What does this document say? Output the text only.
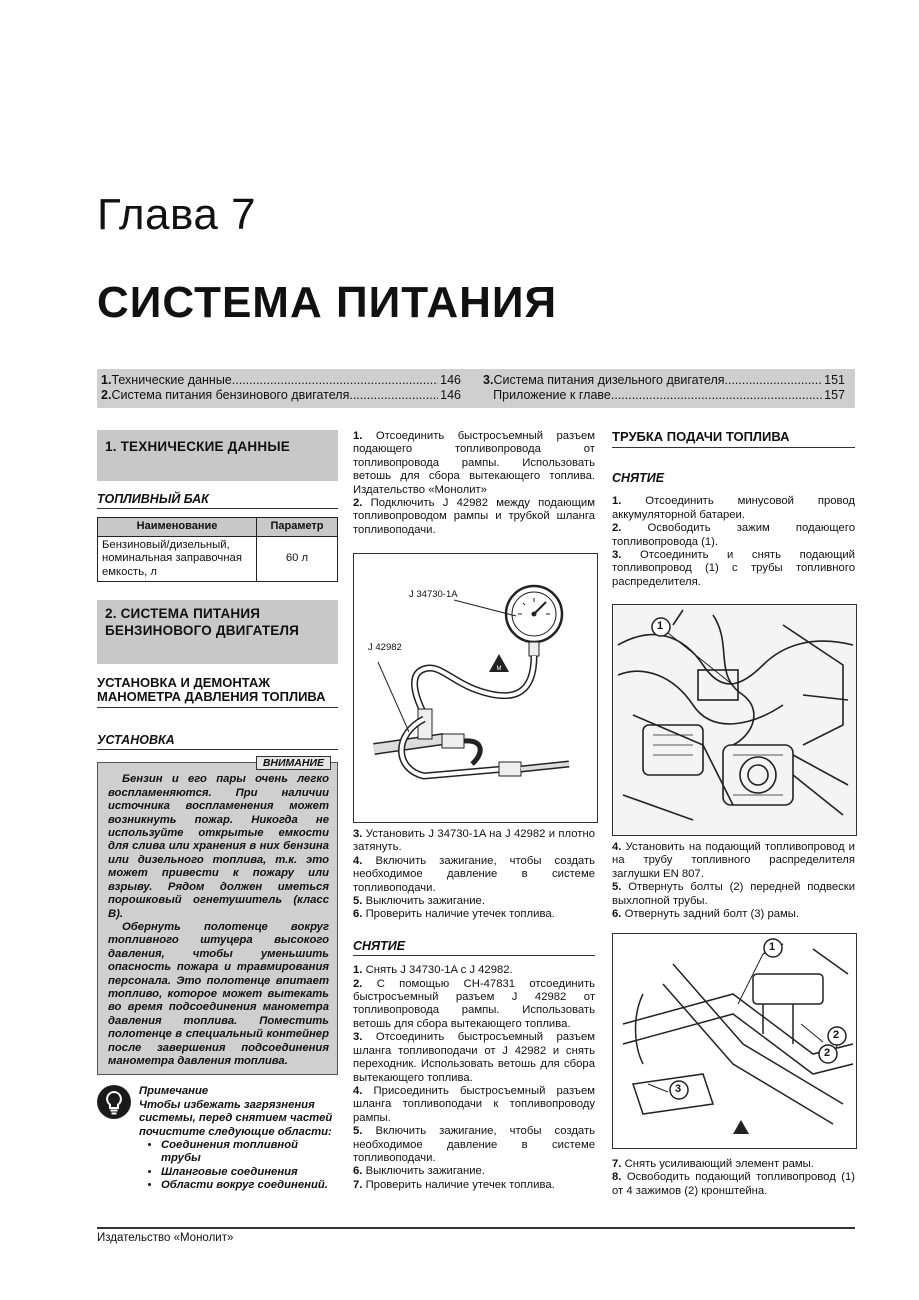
Глава 7
СИСТЕМА ПИТАНИЯ
1. Технические данные .....	146
2. Система питания бензинового двигателя .....	146
3. Система питания дизельного двигателя .....	151
Приложение к главе .....	157
1. ТЕХНИЧЕСКИЕ ДАННЫЕ
ТОПЛИВНЫЙ БАК
Наименование	Параметр
Бензиновый/дизельный, номинальная заправочная емкость, л	60 л
2. СИСТЕМА ПИТАНИЯ БЕНЗИНОВОГО ДВИГАТЕЛЯ
УСТАНОВКА И ДЕМОНТАЖ МАНОМЕТРА ДАВЛЕНИЯ ТОПЛИВА
УСТАНОВКА
ВНИМАНИЕ

Бензин и его пары очень легко воспламеняются. При наличии источника воспламенения может возникнуть пожар. Никогда не используйте открытые емкости для слива или хранения в них бензина или дизельного топлива, т.к. это может привести к пожару или взрыву. Рядом должен иметься порошковый огнетушитель (класс В).

Обернуть полотенце вокруг топливного штуцера высокого давления, чтобы уменьшить опасность пожара и травмирования персонала. Это полотенце впитает топливо, которое может вытекать во время подсоединения манометра давления топлива. Поместить полотенце в специальный контейнер после завершения подсоединения манометра давления топлива.

Примечание
Чтобы избежать загрязнения системы, перед снятием частей почистите следующие области:
• Соединения топливной трубы
• Шланговые соединения
• Области вокруг соединений.

1. Отсоединить быстросъемный разъем подающего топливопровода от топливопровода рампы. Использовать ветошь для сбора вытекающего топлива. Издательство «Монолит»

2. Подключить J 42982 между подающим топливопроводом рампы и трубкой шланга топливоподачи.

M
J 34730-1A
J 42982

3. Установить J 34730-1A на J 42982 и плотно затянуть.

4. Включить зажигание, чтобы создать необходимое давление в системе топливоподачи.

5. Выключить зажигание.

6. Проверить наличие утечек топлива.

СНЯТИЕ

1. Снять J 34730-1A с J 42982.

2. С помощью CH-47831 отсоединить быстросъемный разъем J 42982 от топливопровода рампы. Использовать ветошь для сбора вытекающего топлива.

3. Отсоединить быстросъемный разъем шланга топливоподачи от J 42982 и снять переходник. Использовать ветошь для сбора вытекающего топлива.

4. Присоединить быстросъемный разъем шланга топливоподачи к топливопроводу рампы.

5. Включить зажигание, чтобы создать необходимое давление в системе топливоподачи.

6. Выключить зажигание.

7. Проверить наличие утечек топлива.

ТРУБКА ПОДАЧИ ТОПЛИВА
СНЯТИЕ

1. Отсоединить минусовой провод аккумуляторной батареи.

2. Освободить зажим подающего топливопровода (1).

3. Отсоединить и снять подающий топливопровод (1) с трубы топливного распределителя.

1

4. Установить на подающий топливопровод и на трубу топливного распределителя заглушки EN 807.

5. Отвернуть болты (2) передней подвески выхлопной трубы.

6. Отвернуть задний болт (3) рамы.

1
2
2
3

7. Снять усиливающий элемент рамы.

8. Освободить подающий топливопровод (1) от 4 зажимов (2) кронштейна.

Издательство «Монолит»
